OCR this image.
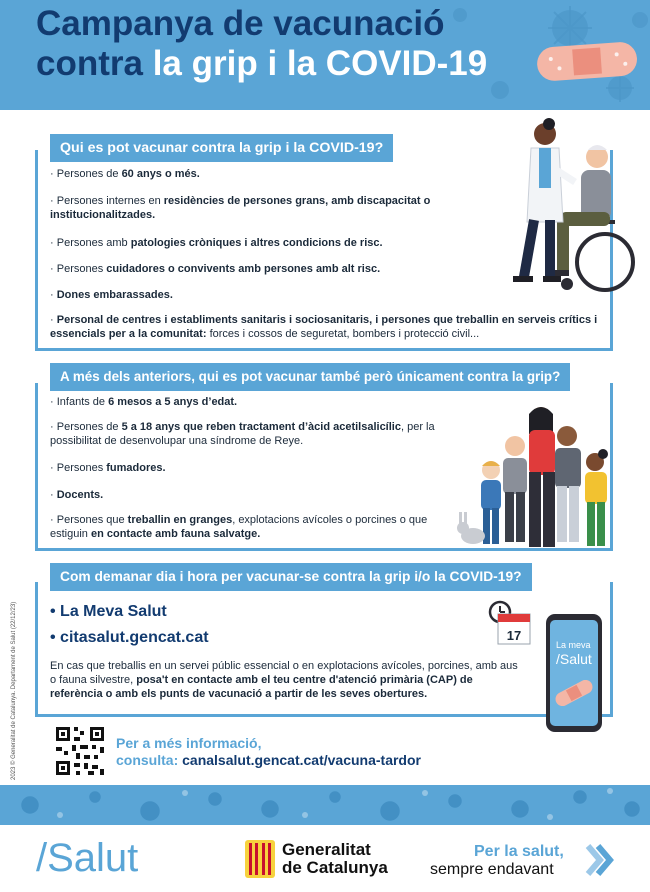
Campanya de vacunació
contra la grip i la COVID-19
Qui es pot vacunar contra la grip i la COVID-19?
· Persones de 60 anys o més.
· Persones internes en residències de persones grans, amb discapacitat o institucionalitzades.
· Persones amb patologies cròniques i altres condicions de risc.
· Persones cuidadores o convivents amb persones amb alt risc.
· Dones embarassades.
· Personal de centres i establiments sanitaris i sociosanitaris, i persones que treballin en serveis crítics i essencials per a la comunitat: forces i cossos de seguretat, bombers i protecció civil...
A més dels anteriors, qui es pot vacunar també però únicament contra la grip?
· Infants de 6 mesos a 5 anys d’edat.
· Persones de 5 a 18 anys que reben tractament d’àcid acetilsalicílic, per la possibilitat de desenvolupar una síndrome de Reye.
· Persones fumadores.
· Docents.
· Persones que treballin en granges, explotacions avícoles o porcines o que estiguin en contacte amb fauna salvatge.
Com demanar dia i hora per vacunar-se contra la grip i/o la COVID-19?
• La Meva Salut
• citasalut.gencat.cat
En cas que treballis en un servei públic essencial o en explotacions avícoles, porcines, amb aus o fauna silvestre, posa't en contacte amb el teu centre d'atenció primària (CAP) de referència o amb els punts de vacunació a partir de les seves obertures.
17
La meva
/Salut
Per a més informació,
consulta: canalsalut.gencat.cat/vacuna-tardor
2023 © Generalitat de Catalunya. Departament de Salut (22/12/23)
/Salut	Generalitat
de Catalunya
Per la salut,
sempre endavant
